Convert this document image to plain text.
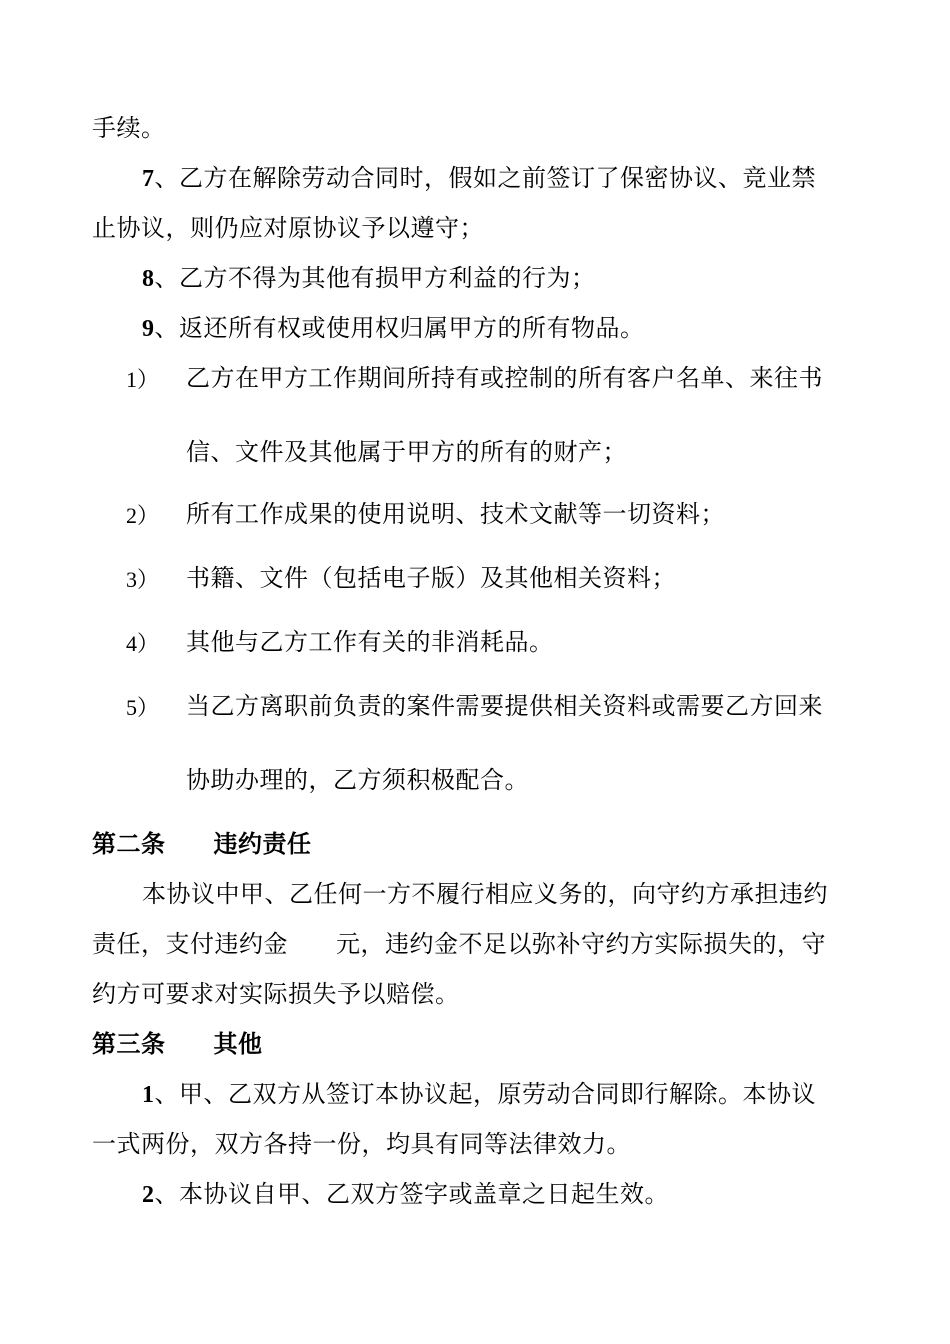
手续。
7、乙方在解除劳动合同时，假如之前签订了保密协议、竞业禁
止协议，则仍应对原协议予以遵守；
8、乙方不得为其他有损甲方利益的行为；
9、返还所有权或使用权归属甲方的所有物品。
1） 乙方在甲方工作期间所持有或控制的所有客户名单、来往书
信、文件及其他属于甲方的所有的财产；
2） 所有工作成果的使用说明、技术文献等一切资料；
3） 书籍、文件（包括电子版）及其他相关资料；
4） 其他与乙方工作有关的非消耗品。
5） 当乙方离职前负责的案件需要提供相关资料或需要乙方回来
协助办理的，乙方须积极配合。
第二条 违约责任
本协议中甲、乙任何一方不履行相应义务的，向守约方承担违约
责任，支付违约金 元，违约金不足以弥补守约方实际损失的，守
约方可要求对实际损失予以赔偿。
第三条 其他
1、甲、乙双方从签订本协议起，原劳动合同即行解除。本协议
一式两份，双方各持一份，均具有同等法律效力。
2、本协议自甲、乙双方签字或盖章之日起生效。
